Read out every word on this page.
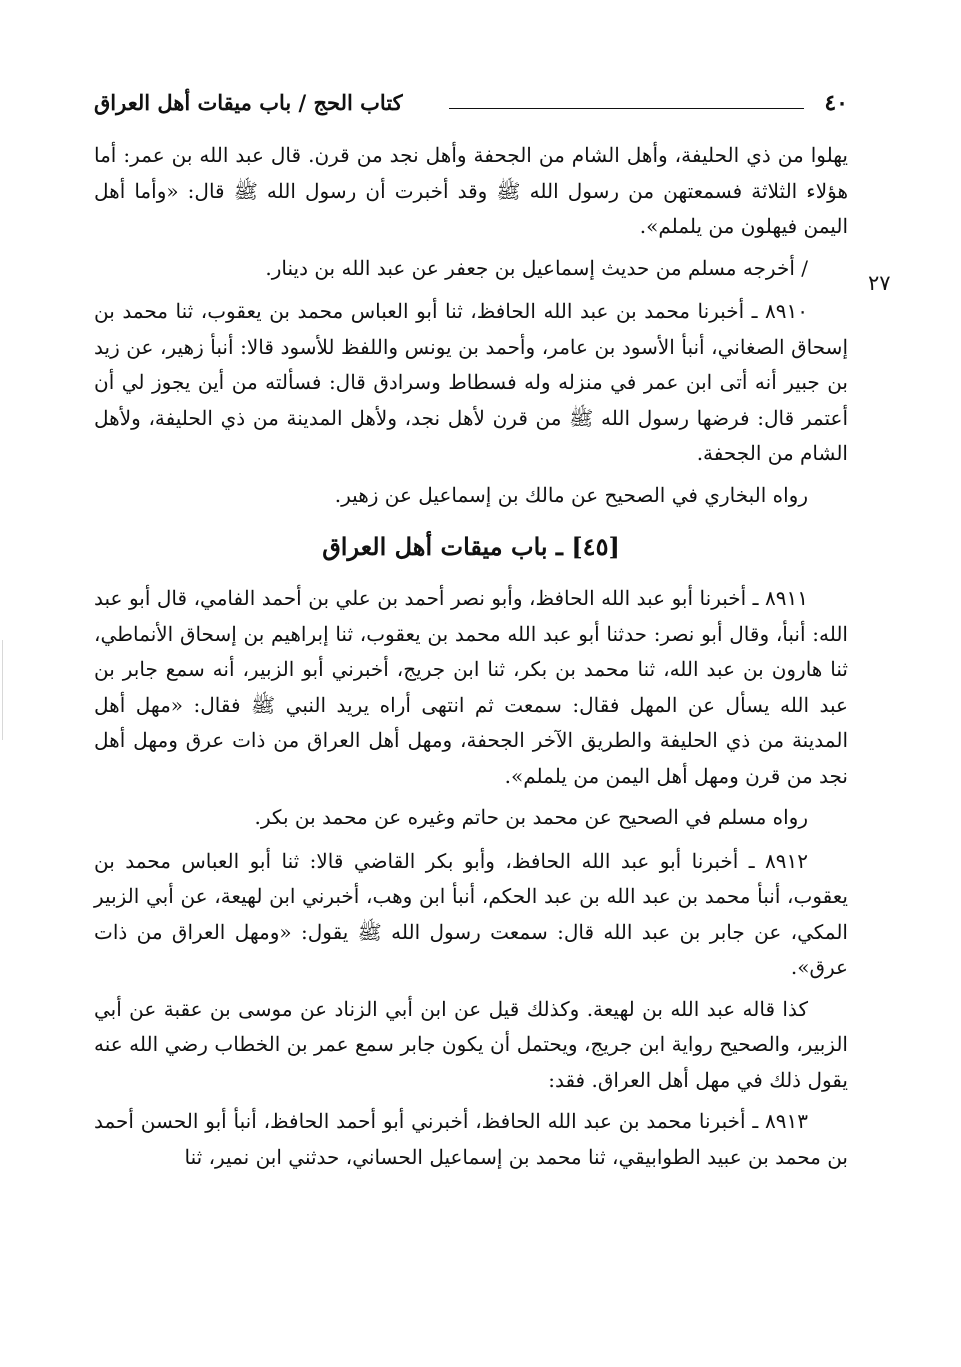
٤٠
كتاب الحج / باب ميقات أهل العراق
٢٧

يهلوا من ذي الحليفة، وأهل الشام من الجحفة وأهل نجد من قرن. قال عبد الله بن عمر: أما هؤلاء الثلاثة فسمعتهن من رسول الله ﷺ وقد أخبرت أن رسول الله ﷺ قال: «وأما أهل اليمن فيهلون من يلملم».

/ أخرجه مسلم من حديث إسماعيل بن جعفر عن عبد الله بن دينار.

٨٩١٠ ـ أخبرنا محمد بن عبد الله الحافظ، ثنا أبو العباس محمد بن يعقوب، ثنا محمد بن إسحاق الصغاني، أنبأ الأسود بن عامر، وأحمد بن يونس واللفظ للأسود قالا: أنبأ زهير، عن زيد بن جبير أنه أتى ابن عمر في منزله وله فسطاط وسرادق قال: فسألته من أين يجوز لي أن أعتمر قال: فرضها رسول الله ﷺ من قرن لأهل نجد، ولأهل المدينة من ذي الحليفة، ولأهل الشام من الجحفة.

رواه البخاري في الصحيح عن مالك بن إسماعيل عن زهير.

[٤٥] ـ باب ميقات أهل العراق

٨٩١١ ـ أخبرنا أبو عبد الله الحافظ، وأبو نصر أحمد بن علي بن أحمد الفامي، قال أبو عبد الله: أنبأ، وقال أبو نصر: حدثنا أبو عبد الله محمد بن يعقوب، ثنا إبراهيم بن إسحاق الأنماطي، ثنا هارون بن عبد الله، ثنا محمد بن بكر، ثنا ابن جريج، أخبرني أبو الزبير، أنه سمع جابر بن عبد الله يسأل عن المهل فقال: سمعت ثم انتهى أراه يريد النبي ﷺ فقال: «مهل أهل المدينة من ذي الحليفة والطريق الآخر الجحفة، ومهل أهل العراق من ذات عرق ومهل أهل نجد من قرن ومهل أهل اليمن من يلملم».

رواه مسلم في الصحيح عن محمد بن حاتم وغيره عن محمد بن بكر.

٨٩١٢ ـ أخبرنا أبو عبد الله الحافظ، وأبو بكر القاضي قالا: ثنا أبو العباس محمد بن يعقوب، أنبأ محمد بن عبد الله بن عبد الحكم، أنبأ ابن وهب، أخبرني ابن لهيعة، عن أبي الزبير المكي، عن جابر بن عبد الله قال: سمعت رسول الله ﷺ يقول: «ومهل العراق من ذات عرق».

كذا قاله عبد الله بن لهيعة. وكذلك قيل عن ابن أبي الزناد عن موسى بن عقبة عن أبي الزبير، والصحيح رواية ابن جريج، ويحتمل أن يكون جابر سمع عمر بن الخطاب رضي الله عنه يقول ذلك في مهل أهل العراق. فقد:

٨٩١٣ ـ أخبرنا محمد بن عبد الله الحافظ، أخبرني أبو أحمد الحافظ، أنبأ أبو الحسن أحمد بن محمد بن عبيد الطوابيقي، ثنا محمد بن إسماعيل الحساني، حدثني ابن نمير، ثنا
